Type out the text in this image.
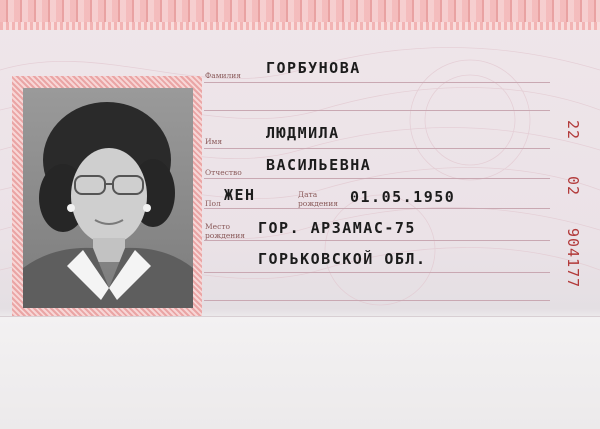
Фамилия
Имя
Отчество
Пол
Дата
рождения
Место
рождения
ГОРБУНОВА
ЛЮДМИЛА
ВАСИЛЬЕВНА
ЖЕН	01.05.1950
ГОР. АРЗАМАС-75
ГОРЬКОВСКОЙ ОБЛ.
22
02
904177
